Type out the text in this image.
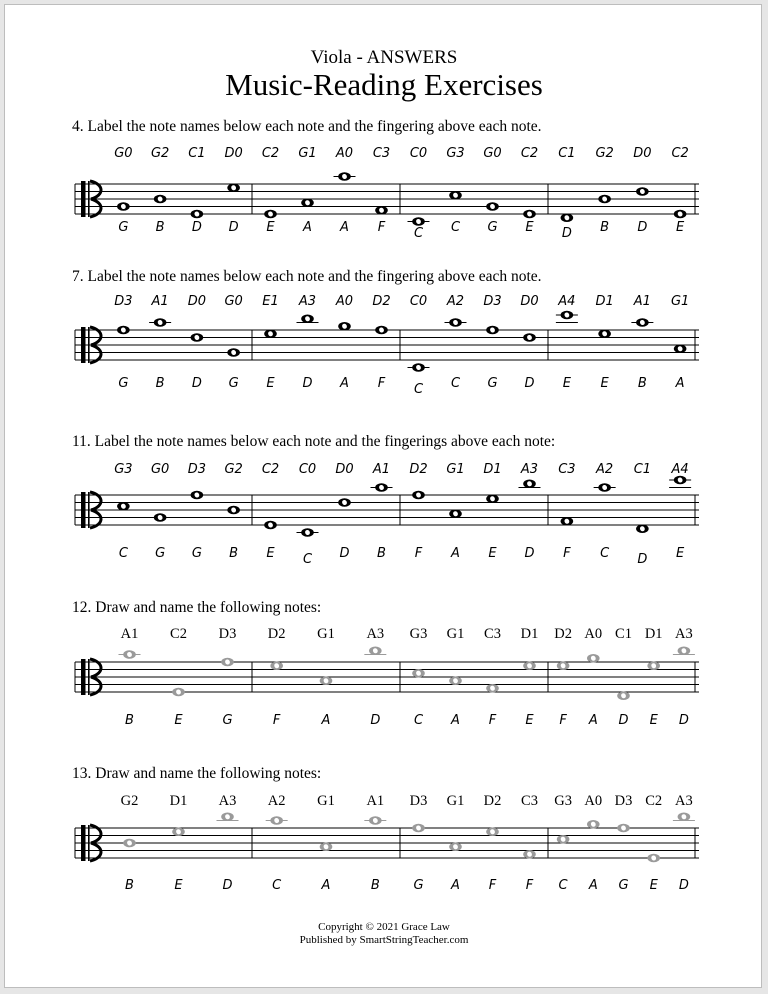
Viola - ANSWERS
Music-Reading Exercises
4. Label the note names below each note and the fingering above each note.
7. Label the note names below each note and the fingering above each note.
11. Label the note names below each note and the fingerings above each note:
12. Draw and name the following notes:
13. Draw and name the following notes:
G0
G
G2
B
C1
D
D0
D
C2
E
G1
A
A0
A
C3
F
C0
C
G3
C
G0
G
C2
E
C1
D
G2
B
D0
D
C2
E
D3
G
A1
B
D0
D
G0
G
E1
E
A3
D
A0
A
D2
F
C0
C
A2
C
D3
G
D0
D
A4
E
D1
E
A1
B
G1
A
G3
C
G0
G
D3
G
G2
B
C2
E
C0
C
D0
D
A1
B
D2
F
G1
A
D1
E
A3
D
C3
F
A2
C
C1
D
A4
E
A1
B
C2
E
D3
G
D2
F
G1
A
A3
D
G3
C
G1
A
C3
F
D1
E
D2
F
A0
A
C1
D
D1
E
A3
D
G2
B
D1
E
A3
D
A2
C
G1
A
A1
B
D3
G
G1
A
D2
F
C3
F
G3
C
A0
A
D3
G
C2
E
A3
D
Copyright © 2021 Grace Law
Published by SmartStringTeacher.com
